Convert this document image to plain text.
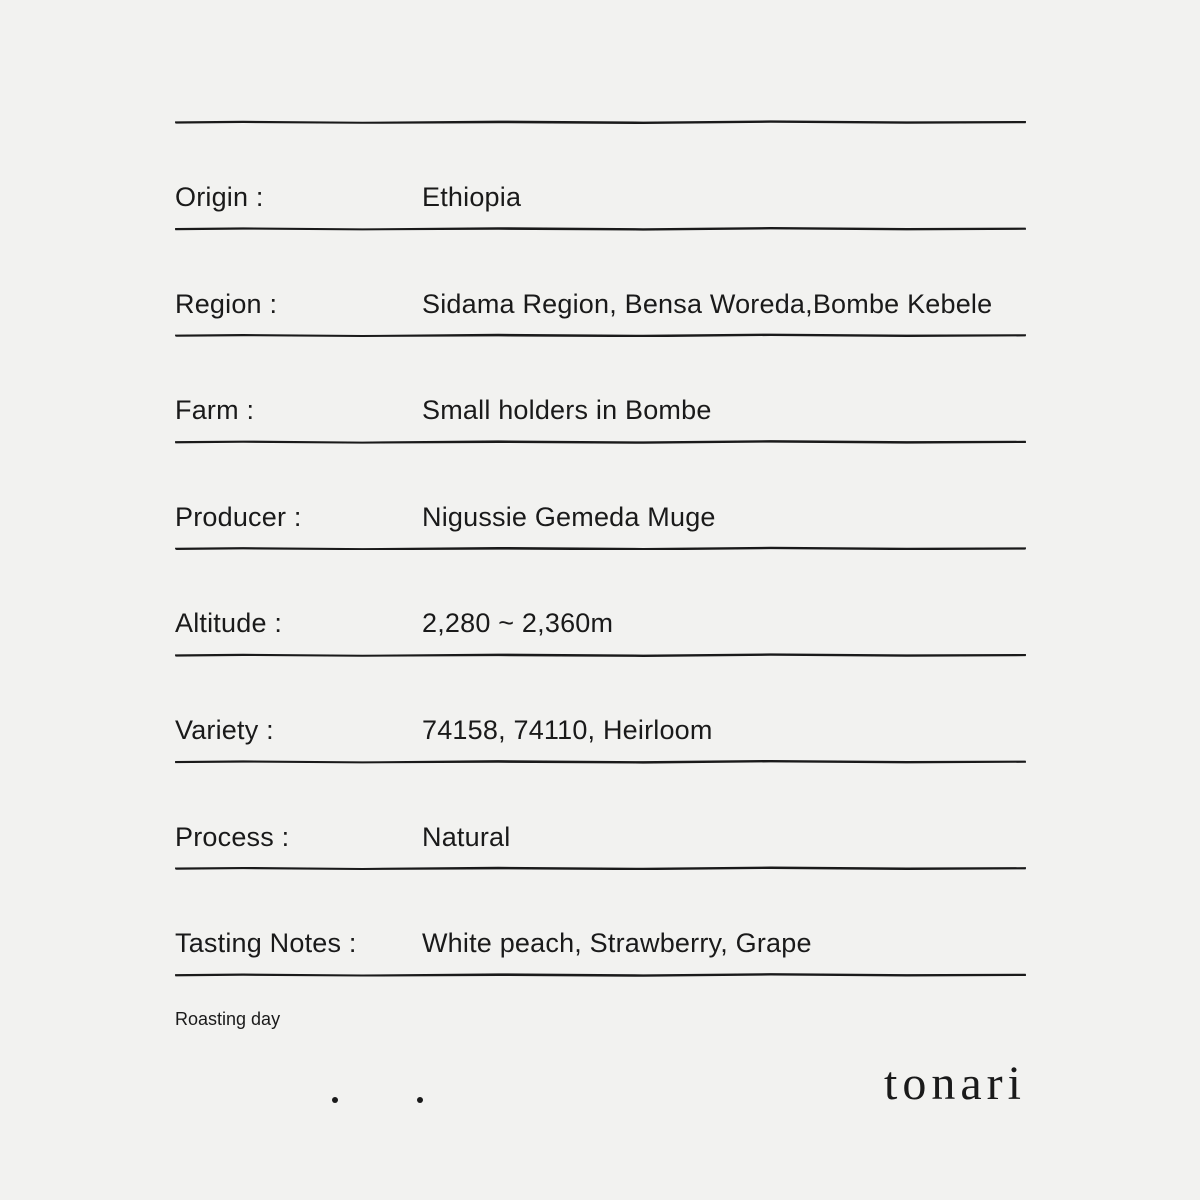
Origin :	Ethiopia
Region :	Sidama Region, Bensa Woreda,Bombe Kebele
Farm :	Small holders in Bombe
Producer :	Nigussie Gemeda Muge
Altitude :	2,280 ~ 2,360m
Variety :	74158, 74110, Heirloom
Process :	Natural
Tasting Notes : White peach, Strawberry, Grape
Roasting day
tonari
